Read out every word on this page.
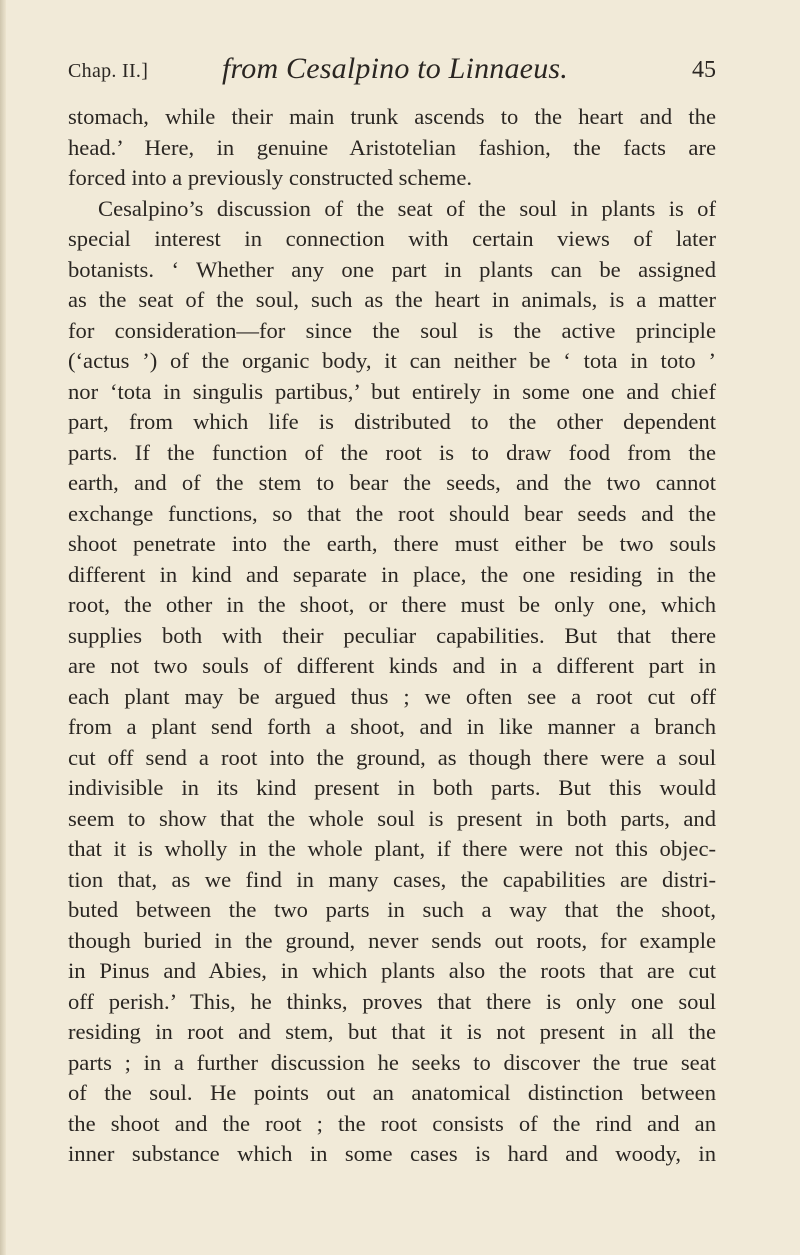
Chap. II.] from Cesalpino to Linnaeus.	45
stomach, while their main trunk ascends to the heart and the
head.’ Here, in genuine Aristotelian fashion, the facts are
forced into a previously constructed scheme.
Cesalpino’s discussion of the seat of the soul in plants is of
special interest in connection with certain views of later
botanists. ‘ Whether any one part in plants can be assigned
as the seat of the soul, such as the heart in animals, is a matter
for consideration—for since the soul is the active principle
(‘actus ’) of the organic body, it can neither be ‘ tota in toto ’
nor ‘tota in singulis partibus,’ but entirely in some one and chief
part, from which life is distributed to the other dependent
parts. If the function of the root is to draw food from the
earth, and of the stem to bear the seeds, and the two cannot
exchange functions, so that the root should bear seeds and the
shoot penetrate into the earth, there must either be two souls
different in kind and separate in place, the one residing in the
root, the other in the shoot, or there must be only one, which
supplies both with their peculiar capabilities. But that there
are not two souls of different kinds and in a different part in
each plant may be argued thus ; we often see a root cut off
from a plant send forth a shoot, and in like manner a branch
cut off send a root into the ground, as though there were a soul
indivisible in its kind present in both parts. But this would
seem to show that the whole soul is present in both parts, and
that it is wholly in the whole plant, if there were not this objec-
tion that, as we find in many cases, the capabilities are distri-
buted between the two parts in such a way that the shoot,
though buried in the ground, never sends out roots, for example
in Pinus and Abies, in which plants also the roots that are cut
off perish.’ This, he thinks, proves that there is only one soul
residing in root and stem, but that it is not present in all the
parts ; in a further discussion he seeks to discover the true seat
of the soul. He points out an anatomical distinction between
the shoot and the root ; the root consists of the rind and an
inner substance which in some cases is hard and woody, in
